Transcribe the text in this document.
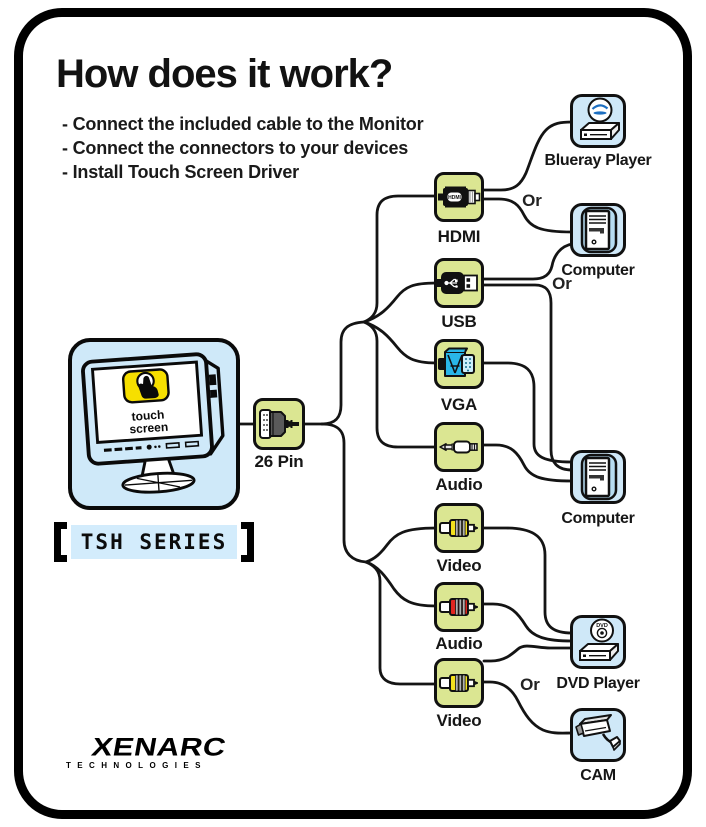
How does it work?
- Connect the included cable to the Monitor
- Connect the connectors to your devices
- Install Touch Screen Driver
touch
screen
TSH SERIES
26 Pin
HDMI
HDMI
USB
VGA
Audio
Video
Audio
Video
Blueray Player
Computer
Computer
DVD
DVD Player
CAM
Or
Or
Or
XENARC
TECHNOLOGIES
